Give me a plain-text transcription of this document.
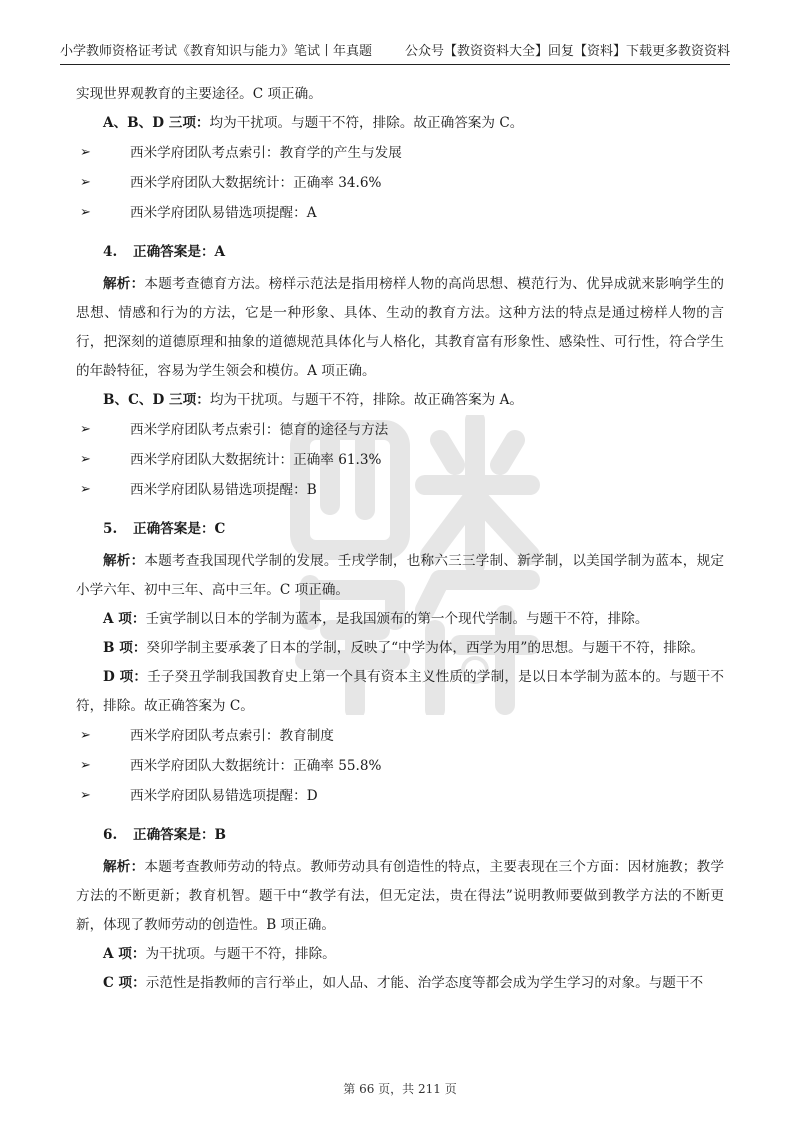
小学教师资格证考试《教育知识与能力》笔试丨年真题	公众号【教资资料大全】回复【资料】下载更多教资资料

实现世界观教育的主要途径。C 项正确。

A、B、D 三项：均为干扰项。与题干不符，排除。故正确答案为 C。

➢	西米学府团队考点索引：教育学的产生与发展
➢	西米学府团队大数据统计：正确率 34.6%
➢	西米学府团队易错选项提醒：A
4. 正确答案是：A

解析：本题考查德育方法。榜样示范法是指用榜样人物的高尚思想、模范行为、优异成就来影响学生的思想、情感和行为的方法，它是一种形象、具体、生动的教育方法。这种方法的特点是通过榜样人物的言行，把深刻的道德原理和抽象的道德规范具体化与人格化，其教育富有形象性、感染性、可行性，符合学生的年龄特征，容易为学生领会和模仿。A 项正确。

B、C、D 三项：均为干扰项。与题干不符，排除。故正确答案为 A。

➢	西米学府团队考点索引：德育的途径与方法
➢	西米学府团队大数据统计：正确率 61.3%
➢	西米学府团队易错选项提醒：B
5. 正确答案是：C

解析：本题考查我国现代学制的发展。壬戌学制，也称六三三学制、新学制，以美国学制为蓝本，规定小学六年、初中三年、高中三年。C 项正确。

A 项：壬寅学制以日本的学制为蓝本，是我国颁布的第一个现代学制。与题干不符，排除。

B 项：癸卯学制主要承袭了日本的学制，反映了“中学为体，西学为用”的思想。与题干不符，排除。

D 项：壬子癸丑学制我国教育史上第一个具有资本主义性质的学制，是以日本学制为蓝本的。与题干不符，排除。故正确答案为 C。

➢	西米学府团队考点索引：教育制度
➢	西米学府团队大数据统计：正确率 55.8%
➢	西米学府团队易错选项提醒：D
6. 正确答案是：B

解析：本题考查教师劳动的特点。教师劳动具有创造性的特点，主要表现在三个方面：因材施教；教学方法的不断更新；教育机智。题干中“教学有法，但无定法，贵在得法”说明教师要做到教学方法的不断更新，体现了教师劳动的创造性。B 项正确。

A 项：为干扰项。与题干不符，排除。

C 项：示范性是指教师的言行举止，如人品、才能、治学态度等都会成为学生学习的对象。与题干不

第 66 页，共 211 页
